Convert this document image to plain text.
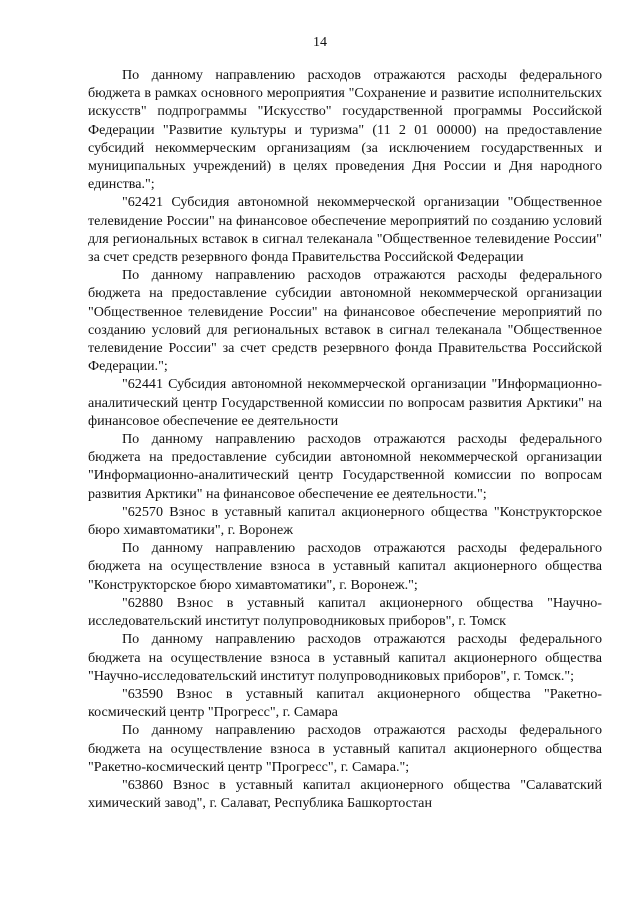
14

По данному направлению расходов отражаются расходы федерального бюджета в рамках основного мероприятия "Сохранение и развитие исполнительских искусств" подпрограммы "Искусство" государственной программы Российской Федерации "Развитие культуры и туризма" (11 2 01 00000) на предоставление субсидий некоммерческим организациям (за исключением государственных и муниципальных учреждений) в целях проведения Дня России и Дня народного единства.";

"62421 Субсидия автономной некоммерческой организации "Общественное телевидение России" на финансовое обеспечение мероприятий по созданию условий для региональных вставок в сигнал телеканала "Общественное телевидение России" за счет средств резервного фонда Правительства Российской Федерации

По данному направлению расходов отражаются расходы федерального бюджета на предоставление субсидии автономной некоммерческой организации "Общественное телевидение России" на финансовое обеспечение мероприятий по созданию условий для региональных вставок в сигнал телеканала "Общественное телевидение России" за счет средств резервного фонда Правительства Российской Федерации.";

"62441 Субсидия автономной некоммерческой организации "Информационно-аналитический центр Государственной комиссии по вопросам развития Арктики" на финансовое обеспечение ее деятельности

По данному направлению расходов отражаются расходы федерального бюджета на предоставление субсидии автономной некоммерческой организации "Информационно-аналитический центр Государственной комиссии по вопросам развития Арктики" на финансовое обеспечение ее деятельности.";

"62570 Взнос в уставный капитал акционерного общества "Конструкторское бюро химавтоматики", г. Воронеж

По данному направлению расходов отражаются расходы федерального бюджета на осуществление взноса в уставный капитал акционерного общества "Конструкторское бюро химавтоматики", г. Воронеж.";

"62880 Взнос в уставный капитал акционерного общества "Научно-исследовательский институт полупроводниковых приборов", г. Томск

По данному направлению расходов отражаются расходы федерального бюджета на осуществление взноса в уставный капитал акционерного общества "Научно-исследовательский институт полупроводниковых приборов", г. Томск.";

"63590 Взнос в уставный капитал акционерного общества "Ракетно-космический центр "Прогресс", г. Самара

По данному направлению расходов отражаются расходы федерального бюджета на осуществление взноса в уставный капитал акционерного общества "Ракетно-космический центр "Прогресс", г. Самара.";

"63860 Взнос в уставный капитал акционерного общества "Салаватский химический завод", г. Салават, Республика Башкортостан
